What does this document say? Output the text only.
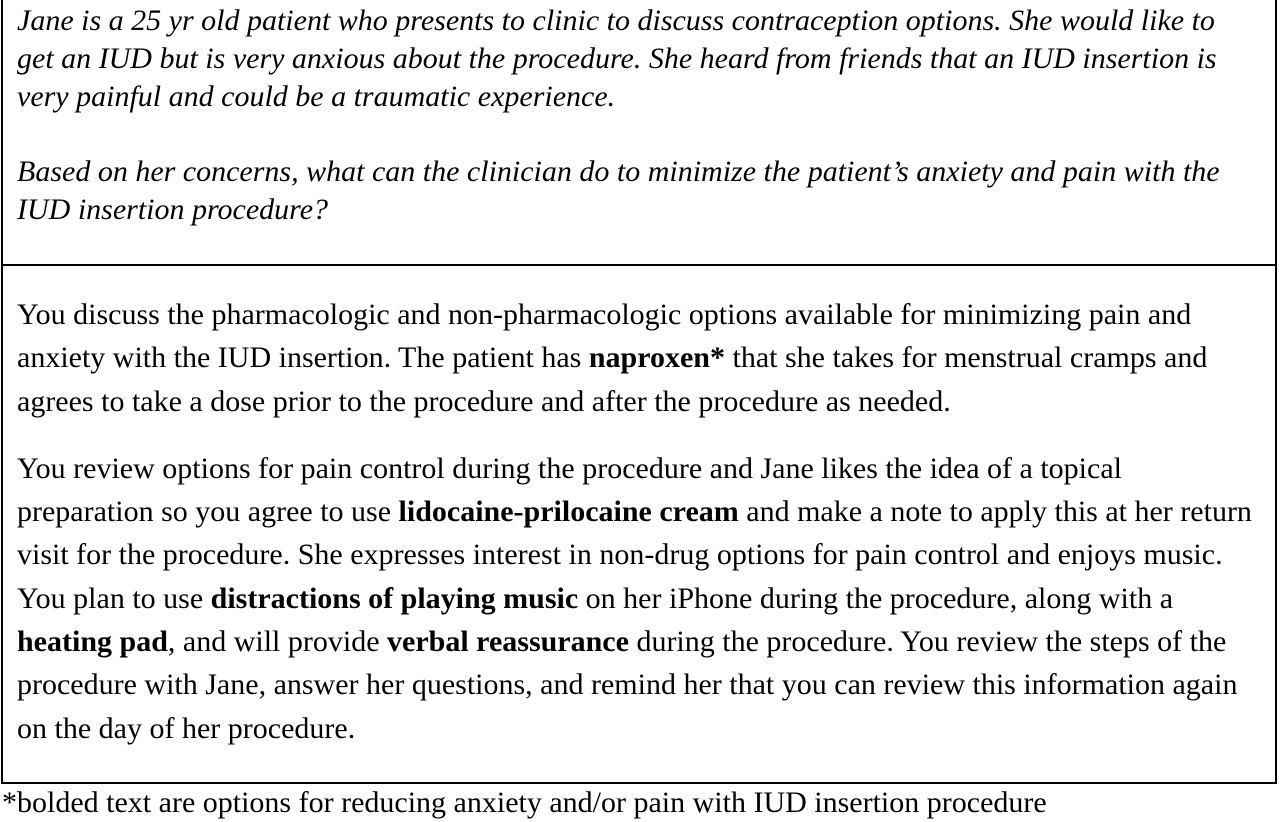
Jane is a 25 yr old patient who presents to clinic to discuss contraception options. She would like to get an IUD but is very anxious about the procedure. She heard from friends that an IUD insertion is very painful and could be a traumatic experience.

Based on her concerns, what can the clinician do to minimize the patient’s anxiety and pain with the IUD insertion procedure?

You discuss the pharmacologic and non-pharmacologic options available for minimizing pain and anxiety with the IUD insertion. The patient has naproxen* that she takes for menstrual cramps and agrees to take a dose prior to the procedure and after the procedure as needed.

You review options for pain control during the procedure and Jane likes the idea of a topical preparation so you agree to use lidocaine-prilocaine cream and make a note to apply this at her return visit for the procedure. She expresses interest in non-drug options for pain control and enjoys music. You plan to use distractions of playing music on her iPhone during the procedure, along with a heating pad, and will provide verbal reassurance during the procedure. You review the steps of the procedure with Jane, answer her questions, and remind her that you can review this information again on the day of her procedure.

*bolded text are options for reducing anxiety and/or pain with IUD insertion procedure
